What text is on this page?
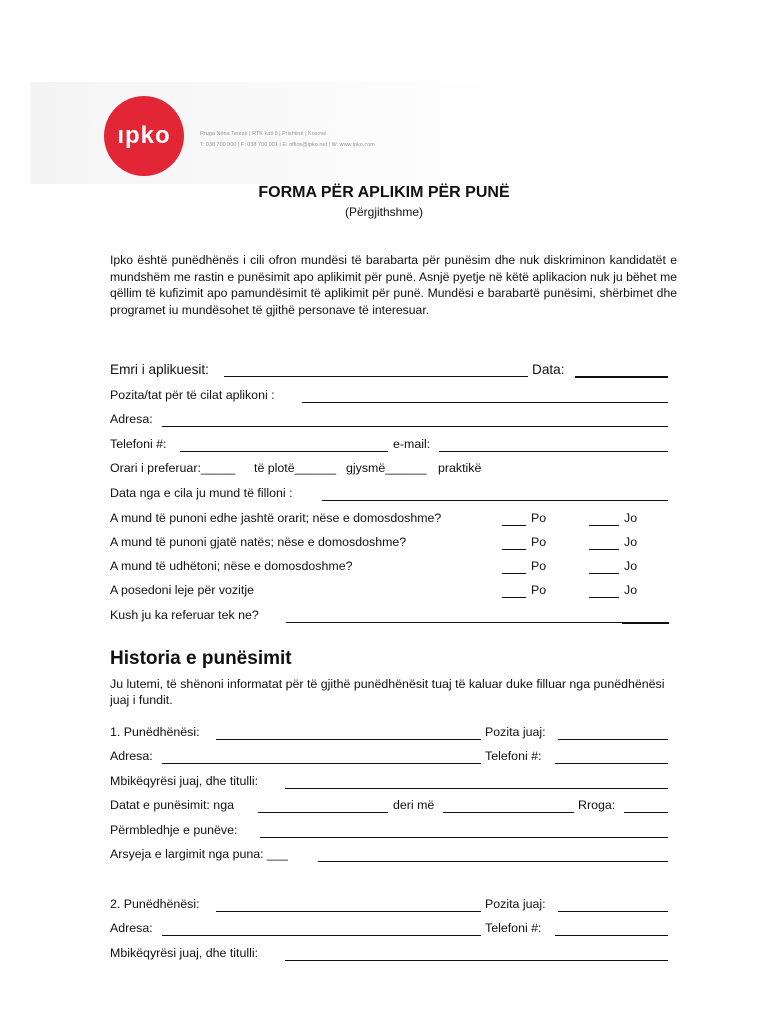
ıpko	Rruga Nëna Terezë | RTK kati 8 | Prishtinë | Kosovë
T: 038 700 000 | F: 038 700 001 | E: office@ipko.net | W: www.ipko.com
FORMA PËR APLIKIM PËR PUNË
(Përgjithshme)
Ipko është punëdhënës i cili ofron mundësi të barabarta për punësim dhe nuk diskriminon kandidatët e mundshëm me rastin e punësimit apo aplikimit për punë. Asnjë pyetje në këtë aplikacion nuk ju bëhet me qëllim të kufizimit apo pamundësimit të aplikimit për punë. Mundësi e barabartë punësimi, shërbimet dhe programet iu mundësohet të gjithë personave të interesuar.
Emri i aplikuesit:	Data:
Pozita/tat për të cilat aplikoni :
Adresa:
Telefoni #:	e-mail:
Orari i preferuar:_____ të plotë______ gjysmë______ praktikë
Data nga e cila ju mund të filloni :
A mund të punoni edhe jashtë orarit; nëse e domosdoshme?	Po	Jo
A mund të punoni gjatë natës; nëse e domosdoshme?	Po	Jo
A mund të udhëtoni; nëse e domosdoshme?	Po	Jo
A posedoni leje për vozitje	Po	Jo
Kush ju ka referuar tek ne?
Historia e punësimit
Ju lutemi, të shënoni informatat për të gjithë punëdhënësit tuaj të kaluar duke filluar nga punëdhënësi juaj i fundit.
1. Punëdhënësi:	Pozita juaj:
Adresa:	Telefoni #:
Mbikëqyrësi juaj, dhe titulli:
Datat e punësimit: nga	deri më	Rroga:
Përmbledhje e punëve:
Arsyeja e largimit nga puna: ___
2. Punëdhënësi:	Pozita juaj:
Adresa:	Telefoni #:
Mbikëqyrësi juaj, dhe titulli:
